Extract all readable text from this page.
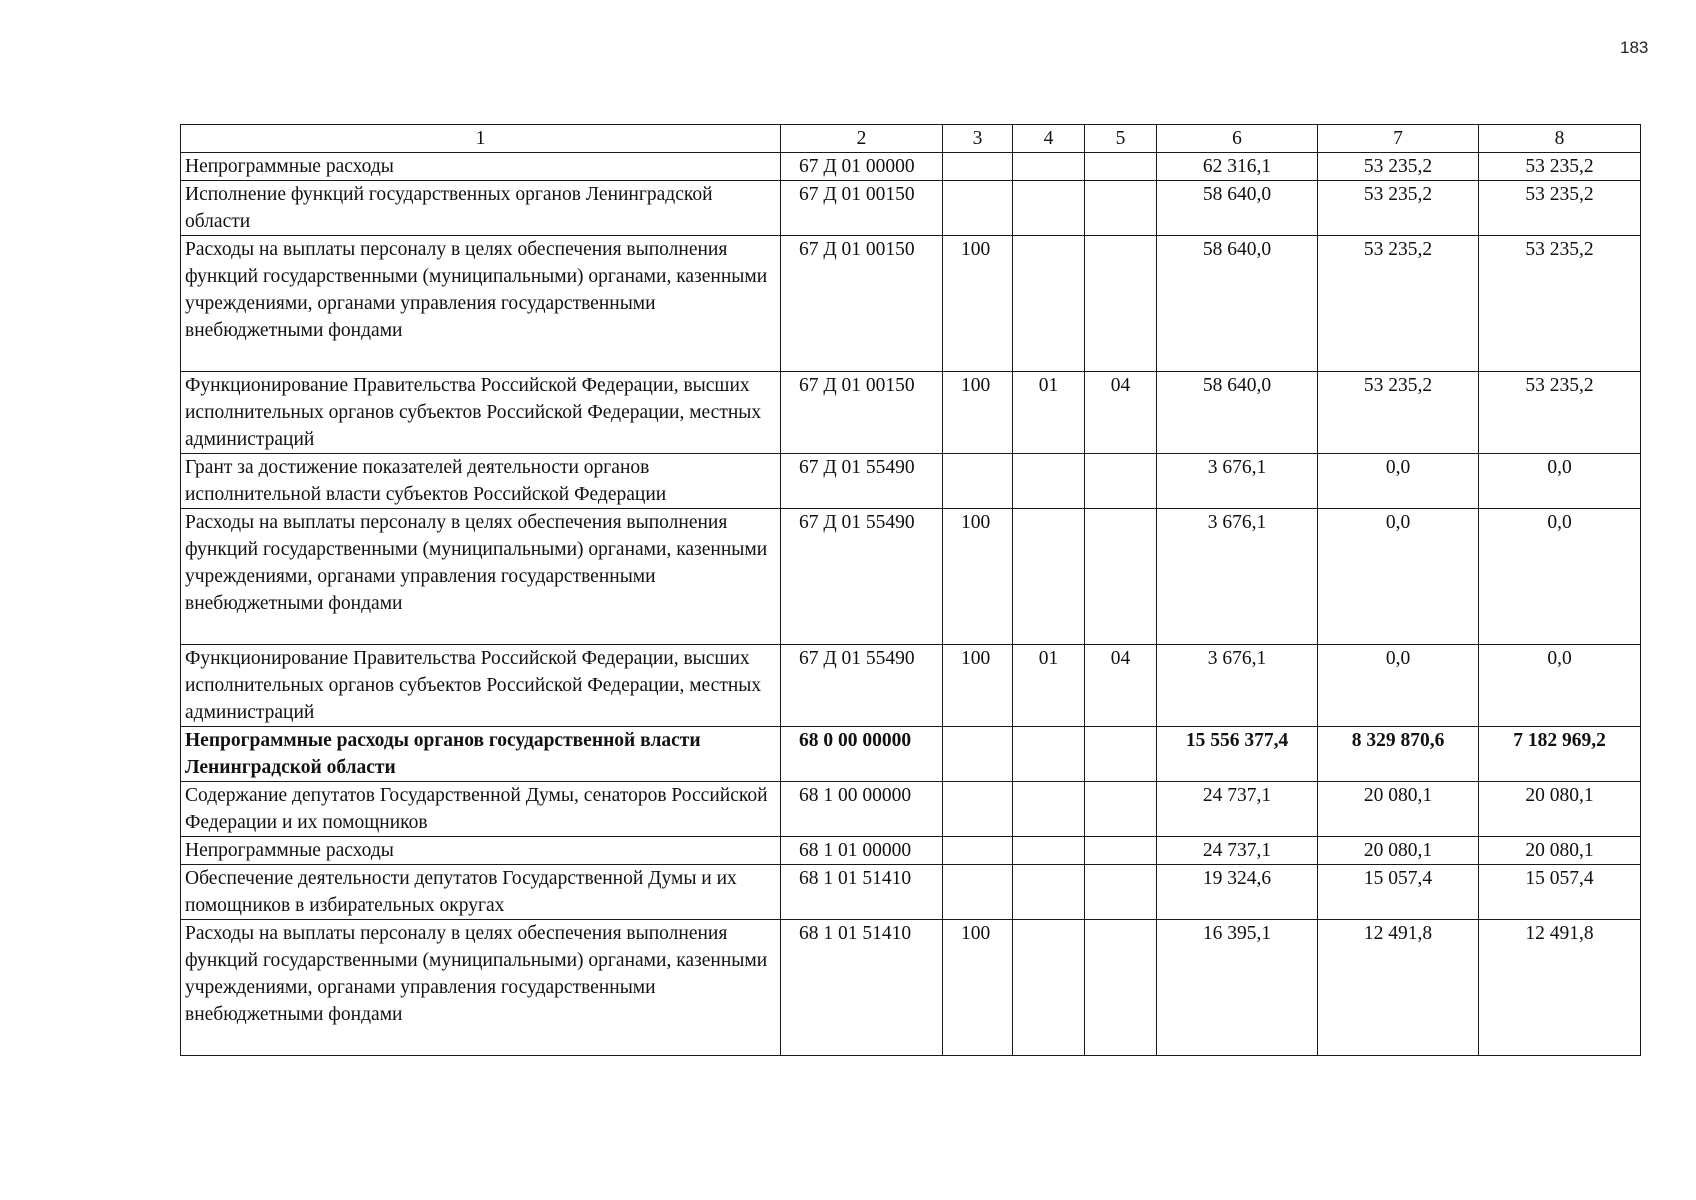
183
1	2	3	4	5	6	7	8
Непрограммные расходы	67 Д 01 00000				62 316,1	53 235,2	53 235,2
Исполнение функций государственных органов Ленинградской области	67 Д 01 00150				58 640,0	53 235,2	53 235,2
Расходы на выплаты персоналу в целях обеспечения выполнения функций государственными (муниципальными) органами, казенными учреждениями, органами управления государственными внебюджетными фондами	67 Д 01 00150	100			58 640,0	53 235,2	53 235,2
Функционирование Правительства Российской Федерации, высших исполнительных органов субъектов Российской Федерации, местных администраций	67 Д 01 00150	100	01	04	58 640,0	53 235,2	53 235,2
Грант за достижение показателей деятельности органов исполнительной власти субъектов Российской Федерации	67 Д 01 55490				3 676,1	0,0	0,0
Расходы на выплаты персоналу в целях обеспечения выполнения функций государственными (муниципальными) органами, казенными учреждениями, органами управления государственными внебюджетными фондами	67 Д 01 55490	100			3 676,1	0,0	0,0
Функционирование Правительства Российской Федерации, высших исполнительных органов субъектов Российской Федерации, местных администраций	67 Д 01 55490	100	01	04	3 676,1	0,0	0,0
Непрограммные расходы органов государственной власти Ленинградской области	68 0 00 00000				15 556 377,4	8 329 870,6	7 182 969,2
Содержание депутатов Государственной Думы, сенаторов Российской Федерации и их помощников	68 1 00 00000				24 737,1	20 080,1	20 080,1
Непрограммные расходы	68 1 01 00000				24 737,1	20 080,1	20 080,1
Обеспечение деятельности депутатов Государственной Думы и их помощников в избирательных округах	68 1 01 51410				19 324,6	15 057,4	15 057,4
Расходы на выплаты персоналу в целях обеспечения выполнения функций государственными (муниципальными) органами, казенными учреждениями, органами управления государственными внебюджетными фондами	68 1 01 51410	100			16 395,1	12 491,8	12 491,8
